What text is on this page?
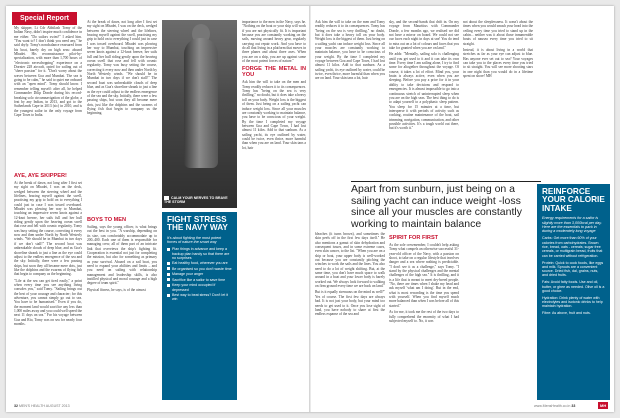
Special Report

My skipper, Lt Cdr Abhilash Tomy of the Indian Navy, didn't inspire much confidence in me either. "Do sailors swim?" I asked him. "You want to? I don't think you need any," he said dryly. Tomy's nonchalance reassured from his boat, barely dry on high seas: aboard Mhadei. His reconnaissance pilot-by-specialization, with more than 1,700 hours of "electronic eavesdropping" experience on a Dornier 228 aircraft, opted for sailing out of "sheer passion" for it. "Don't worry about the waves between Goa and Mumbai. The sea is going to be calm," he said to quiet me onboard with an "open mind". Tomy should know. I remember telling myself: after all, he helped Commander Dilip Donde during his record-breaking solo circumnavigation of the globe, a feat by any Indian, in 2013, and got to the Sutherlands Cape in 2013 (sic) in 2010, and is the youngest sailor in the only voyage from Cape Town to India.

AYE, AYE SKIPPER!

At the break of dawn, not long after I first set my sight on Mhadei, I was on the deck, wedged between the steering wheel and the lifelines, bracing myself against the swell, practising my grip to hold on to everything I could just in case I was tossed overboard. Mhadei was plowing her way to Mumbai, touching an impressive seven knots against a 12-knot breeze, her sails full and her hull riding gently upon the heaving ocean swell that rose and fell with cosmic regularity. Tomy was busy setting the course, correcting it every now and then under North by North Westerly winds. "We should be in Mumbai in two days if we don't stall!" The second boat was unbreakable clouds of deep blue, and as Goa's shoreline shrank to just a line as the eye could adjust to the endless emergence of the sea and the sky. Initially, there were a few passing ships, but soon they all became mere dots, just like the dolphins and the swarms of flying fish that begin to company us the beginning.

"Life at the sea can get tired easily," a point when every time you see anything living consoles you," said Tomy. "Sailing brings out the best of your courage and character; for this adventure, you cannot simply go out to sea. You have to be humanised." Even if you do, the moment land would sacrifice any less than 1,000 miles away and you could well speed the next 11 days on sea." For his voyage between Goa and Rio, Tomy was on sea for nearly four months.

At the break of dawn, not long after I first set my sight on Mhadei, I was on the deck, wedged between the steering wheel and the lifelines, bracing myself against the swell, practising my grip to hold on to everything I could just in case I was tossed overboard. Mhadei was plowing her way to Mumbai, touching an impressive seven knots against a 12-knot breeze, her sails full and her hull riding gently upon the heaving ocean swell that rose and fell with cosmic regularity. Tomy was busy setting the course, correcting it every now and then under North by North Westerly winds. "We should be in Mumbai in two days if we don't stall!" The second boat was unbreakable clouds of deep blue, and as Goa's shoreline shrank to just a line as the eye could adjust to the endless emergence of the sea and the sky. Initially, there were a few passing ships, but soon they all became mere dots, just like the dolphins and the swarms of flying fish that begin to company us the beginning.

BOYS TO MEN

Sailing, says the young officer, is what brings out the best in you. "A warship, depending on its size, can comfortably accommodate up to 200–400. Each one of them is responsible for managing crew, all of them part of an intricate link that overviews the ship's fighting fit. Cooperation is essential not just for completing the mission, but also for something as primary as your survival. Aboard on a sail boat, you need to expand your abilities and limits – and you need on sailing with relationship management and leadership skills, is also instilled physical and moral courage and a high degree of team spirit."

Physical fitness, he says, is of the utmost

CALM YOUR NERVES TO BRAVE THE STORM
FIGHT STRESS THE NAVY WAY
It's about fighting the most potent forces of nature the smart way
Plan things in advance and keep a backup plan handy so that there are no surprises
Eat healthy food, wherever you are
Be organised so you don't waste time
Manage your anger
Sacrifice like a sailor to save time
Keep your mind occupied if depressed
Best way to beat stress? Don't let it win

importance to the men in the Navy, says he. "Nothing on the boat or your ship will work if you are not physically fit. It is important because you are constantly working on the sails, moving around heavy gear, regularly carrying out repair work. And you have to do all that living in a platform that moves in three planes and about three axes. When you are on a ship, you are up against some of the most potent forces of nature."

FORGE THE METAL IN YOU

Ask him the will to take on the men and Tomy readily reduces it to its consequences. Tomy has "being on the sea is very thrilling," no doubt, but it does take a heavy toll on your body. Weight loss is the biggest of them. Just being on a sailing yacht can induce weight loss. Since all your muscles are constantly working to maintain balance, you have to be conscious of your weight. By the time I completed my voyage between Goa and Cape Town, I had lost almost 11 kilos. Add to that sunburn. As a sailing yacht, its eye outlined by water, could be twice, even thrice, more harmful than when you are on land. Your skin tans a lot, hair

Ask him the will to take on the men and Tomy readily reduces it to its consequences. Tomy has "being on the sea is very thrilling," no doubt, but it does take a heavy toll on your body. Weight loss is the biggest of them. Just being on a sailing yacht can induce weight loss. Since all your muscles are constantly working to maintain balance, you have to be conscious of your weight. By the time I completed my voyage between Goa and Cape Town, I had lost almost 11 kilos. Add to that sunburn. As a sailing yacht, its eye outlined by water, could be twice, even thrice, more harmful than when you are on land. Your skin tans a lot, hair

sky, and the second-hands that drift in. On my voyage from Mauritius with Commander Donde, a few months ago, we realised we did not have a mirror on board. We could not see our faces each night in days at sea! You do tend to miss out on a lot of colours and faces that you take for granted when you are on land."

He adds: "Mentally, sailing solo is challenging until you get used to it and it can take its own time. Every time I am sailing alone, I try to find some for altogether throughout the voyage. Of course, it takes a lot of effort. Mind you, your brain is always active, even when you are sleeping. Before you pay a price for it in your ability to take decisions and respond to emergencies. It is almost impossible to go into a continuous stretch of uninterrupted sleep when you are on the high seas. The best thing to do is to adapt yourself to a polyphasic sleep pattern. You sleep for 15 minutes at a time, but intersperse it with periods of activity such as cooking, routine maintenance of the boat, sail trimming, navigation, communication, and other possible activities. It's a tough world out there, but it's worth it."

not about the sleeplessness. It wasn't about the times when you would smash your head into the ceiling every time you tried to stand up in the cabin... neither was it about those innumerable bouts of nausea every time you tried to sit straight.

Instead, it is about living in a world that stretches as far as your eye can adjust to blue. Has anyone ever set out to sea? Your voyages can take you to the places every time you tried to sit straight. You will see more shooting stars in one night than you would do in a lifetime spent on shore! MH

Apart from sunburn, just being on a sailing yacht can induce weight -loss since all your muscles are constantly working to maintain balance

bleaches (it turns brown), and sometimes the skin peels off in the first few days itself." He also mentions a gamut of skin dehydration and consequent issues, and in some extreme cases, even skin cancer, to the list. "When you are on a ship or boat, your upper body is well-worked out because you are constantly pitching the winches to work the sails and the lines. You also need to do a lot of weight shifting. But, at the same time, you don't have much space to walk around in a boat and your lower body is barely worked out. We always look forward to walking on firm ground every time we are back on land."

But is it equally strenuous on the mind as well?" Yes of course. The first few days are always bad. It is not just your body, but your mind too needs to get used to it. Once you lose sight of land, you have nobody to share at first the endless expanse of the sea and

SPIRIT FOR FIRST

As the sole crewmember, I couldn't help asking Tomy what compels an otherwise successful 31-year-old officer of the Navy, with a passion on shoot, to take on a regular lifestyle that involves danger and a sea where nothing is predictable. "I don't see it as a challenge," says Tomy. "I stand by the physical challenges and the mental challenges of the high sea." It is thrilling, and it is a life that is meant to meet dry-breed people. "No, there are times when I shake my head and ask myself 'what am I doing'. But in the end, what is most rewarding is the time you spend with yourself. When you find myself much more balanced than when I was before all of this started."

As for me, it took me the rest of the two days to fully comprehend the enormity of what I had subjected myself to. No, it was

REINFORCE YOUR CALORIE INTAKE
Energy requirements for a sailor is slightly more than 3,000kcal per day. Here are the essentials to pack in during a moderately long voyage
Carbs: Get more than 60% of your calories from carbohydrates. Brown rice, bread, oats - cereals; sugar free cereals, or multigrain bread, fruits that can be carried without refrigeration.
Protein: Quick to cook foods, like eggs and milk. Sprouts are a convenient source. Dried fish, dal, grains, nuts, and dried fruits.
Fats: Avoid fatty foods. Use and oil, butter, or ghee as needed. Olive oil is a good choice.
Hydration: Drink plenty of water with electrolytes and isotonic drinks to help maintain hydration.
Fibre: As above, fruit and nuts.
32 MEN'S HEALTH AUGUST 2013	www.MensHealth.co.in 33	MH
